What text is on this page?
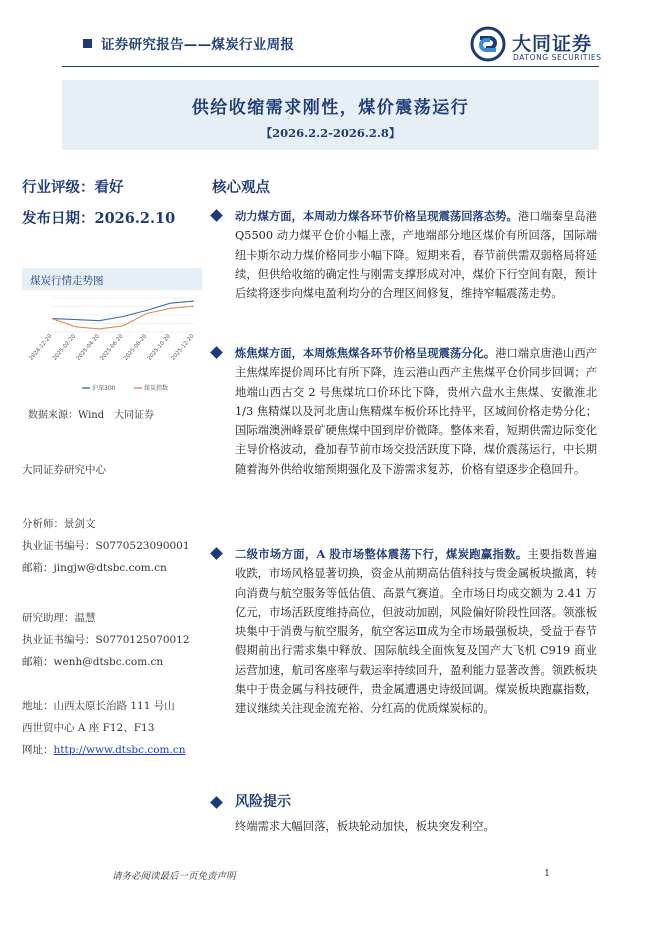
证券研究报告——煤炭行业周报	大同证券
DATONG SECURITIES
供给收缩需求刚性，煤价震荡运行
【2026.2.2-2026.2.8】
行业评级：看好
发布日期：2026.2.10
煤炭行情走势图
2024-12-20
2025-02-20
2025-04-20
2025-06-20
2025-08-20
2025-10-20
2025-12-20
沪深300	煤炭指数
数据来源：Wind　大同证券
大同证券研究中心
分析师：景剑文
执业证书编号：S0770523090001
邮箱：jingjw@dtsbc.com.cn
研究助理：温慧
执业证书编号：S0770125070012
邮箱：wenh@dtsbc.com.cn
地址：山西太原长治路 111 号山
西世贸中心 A 座 F12、F13
网址：http://www.dtsbc.com.cn
核心观点

动力煤方面，本周动力煤各环节价格呈现震荡回落态势。港口端秦皇岛港 Q5500 动力煤平仓价小幅上涨，产地端部分地区煤价有所回落，国际端纽卡斯尔动力煤价格同步小幅下降。短期来看，春节前供需双弱格局将延续，但供给收缩的确定性与刚需支撑形成对冲，煤价下行空间有限，预计后续将逐步向煤电盈利均分的合理区间修复，维持窄幅震荡走势。

炼焦煤方面，本周炼焦煤各环节价格呈现震荡分化。港口端京唐港山西产主焦煤库提价周环比有所下降，连云港山西产主焦煤平仓价同步回调；产地端山西古交 2 号焦煤坑口价环比下降，贵州六盘水主焦煤、安徽淮北 1/3 焦精煤以及河北唐山焦精煤车板价环比持平，区域间价格走势分化；国际端澳洲峰景矿硬焦煤中国到岸价微降。整体来看，短期供需边际变化主导价格波动，叠加春节前市场交投活跃度下降，煤价震荡运行，中长期随着海外供给收缩预期强化及下游需求复苏，价格有望逐步企稳回升。

二级市场方面，A 股市场整体震荡下行，煤炭跑赢指数。主要指数普遍收跌，市场风格显著切换，资金从前期高估值科技与贵金属板块撤离，转向消费与航空服务等低估值、高景气赛道。全市场日均成交额为 2.41 万亿元，市场活跃度维持高位，但波动加剧，风险偏好阶段性回落。领涨板块集中于消费与航空服务，航空客运Ⅲ成为全市场最强板块，受益于春节假期前出行需求集中释放、国际航线全面恢复及国产大飞机 C919 商业运营加速，航司客座率与载运率持续回升，盈利能力显著改善。领跌板块集中于贵金属与科技硬件，贵金属遭遇史诗级回调。煤炭板块跑赢指数，建议继续关注现金流充裕、分红高的优质煤炭标的。

风险提示

终端需求大幅回落，板块轮动加快，板块突发利空。

请务必阅读最后一页免责声明	1
